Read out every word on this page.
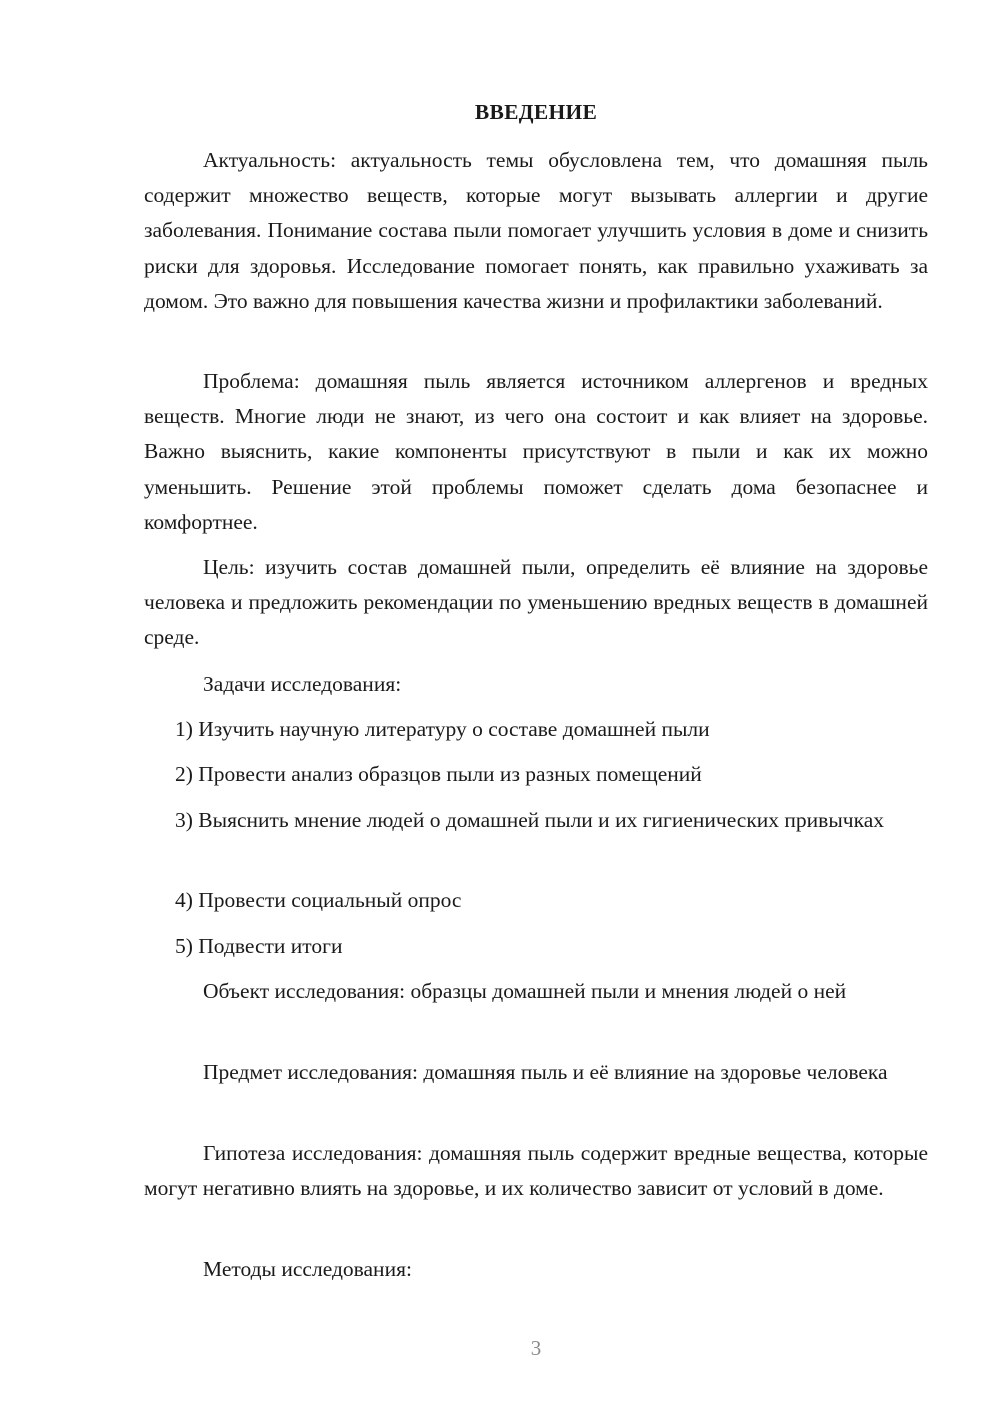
ВВЕДЕНИЕ

Актуальность: актуальность темы обусловлена тем, что домашняя пыль содержит множество веществ, которые могут вызывать аллергии и другие заболевания. Понимание состава пыли помогает улучшить условия в доме и снизить риски для здоровья. Исследование помогает понять, как правильно ухаживать за домом. Это важно для повышения качества жизни и профилактики заболеваний.

Проблема: домашняя пыль является источником аллергенов и вредных веществ. Многие люди не знают, из чего она состоит и как влияет на здоровье. Важно выяснить, какие компоненты присутствуют в пыли и как их можно уменьшить. Решение этой проблемы поможет сделать дома безопаснее и комфортнее.

Цель: изучить состав домашней пыли, определить её влияние на здоровье человека и предложить рекомендации по уменьшению вредных веществ в домашней среде.

Задачи исследования:

1) Изучить научную литературу о составе домашней пыли

2) Провести анализ образцов пыли из разных помещений

3) Выяснить мнение людей о домашней пыли и их гигиенических привычках

4) Провести социальный опрос

5) Подвести итоги

Объект исследования: образцы домашней пыли и мнения людей о ней

Предмет исследования: домашняя пыль и её влияние на здоровье человека

Гипотеза исследования: домашняя пыль содержит вредные вещества, которые могут негативно влиять на здоровье, и их количество зависит от условий в доме.

Методы исследования:

3
